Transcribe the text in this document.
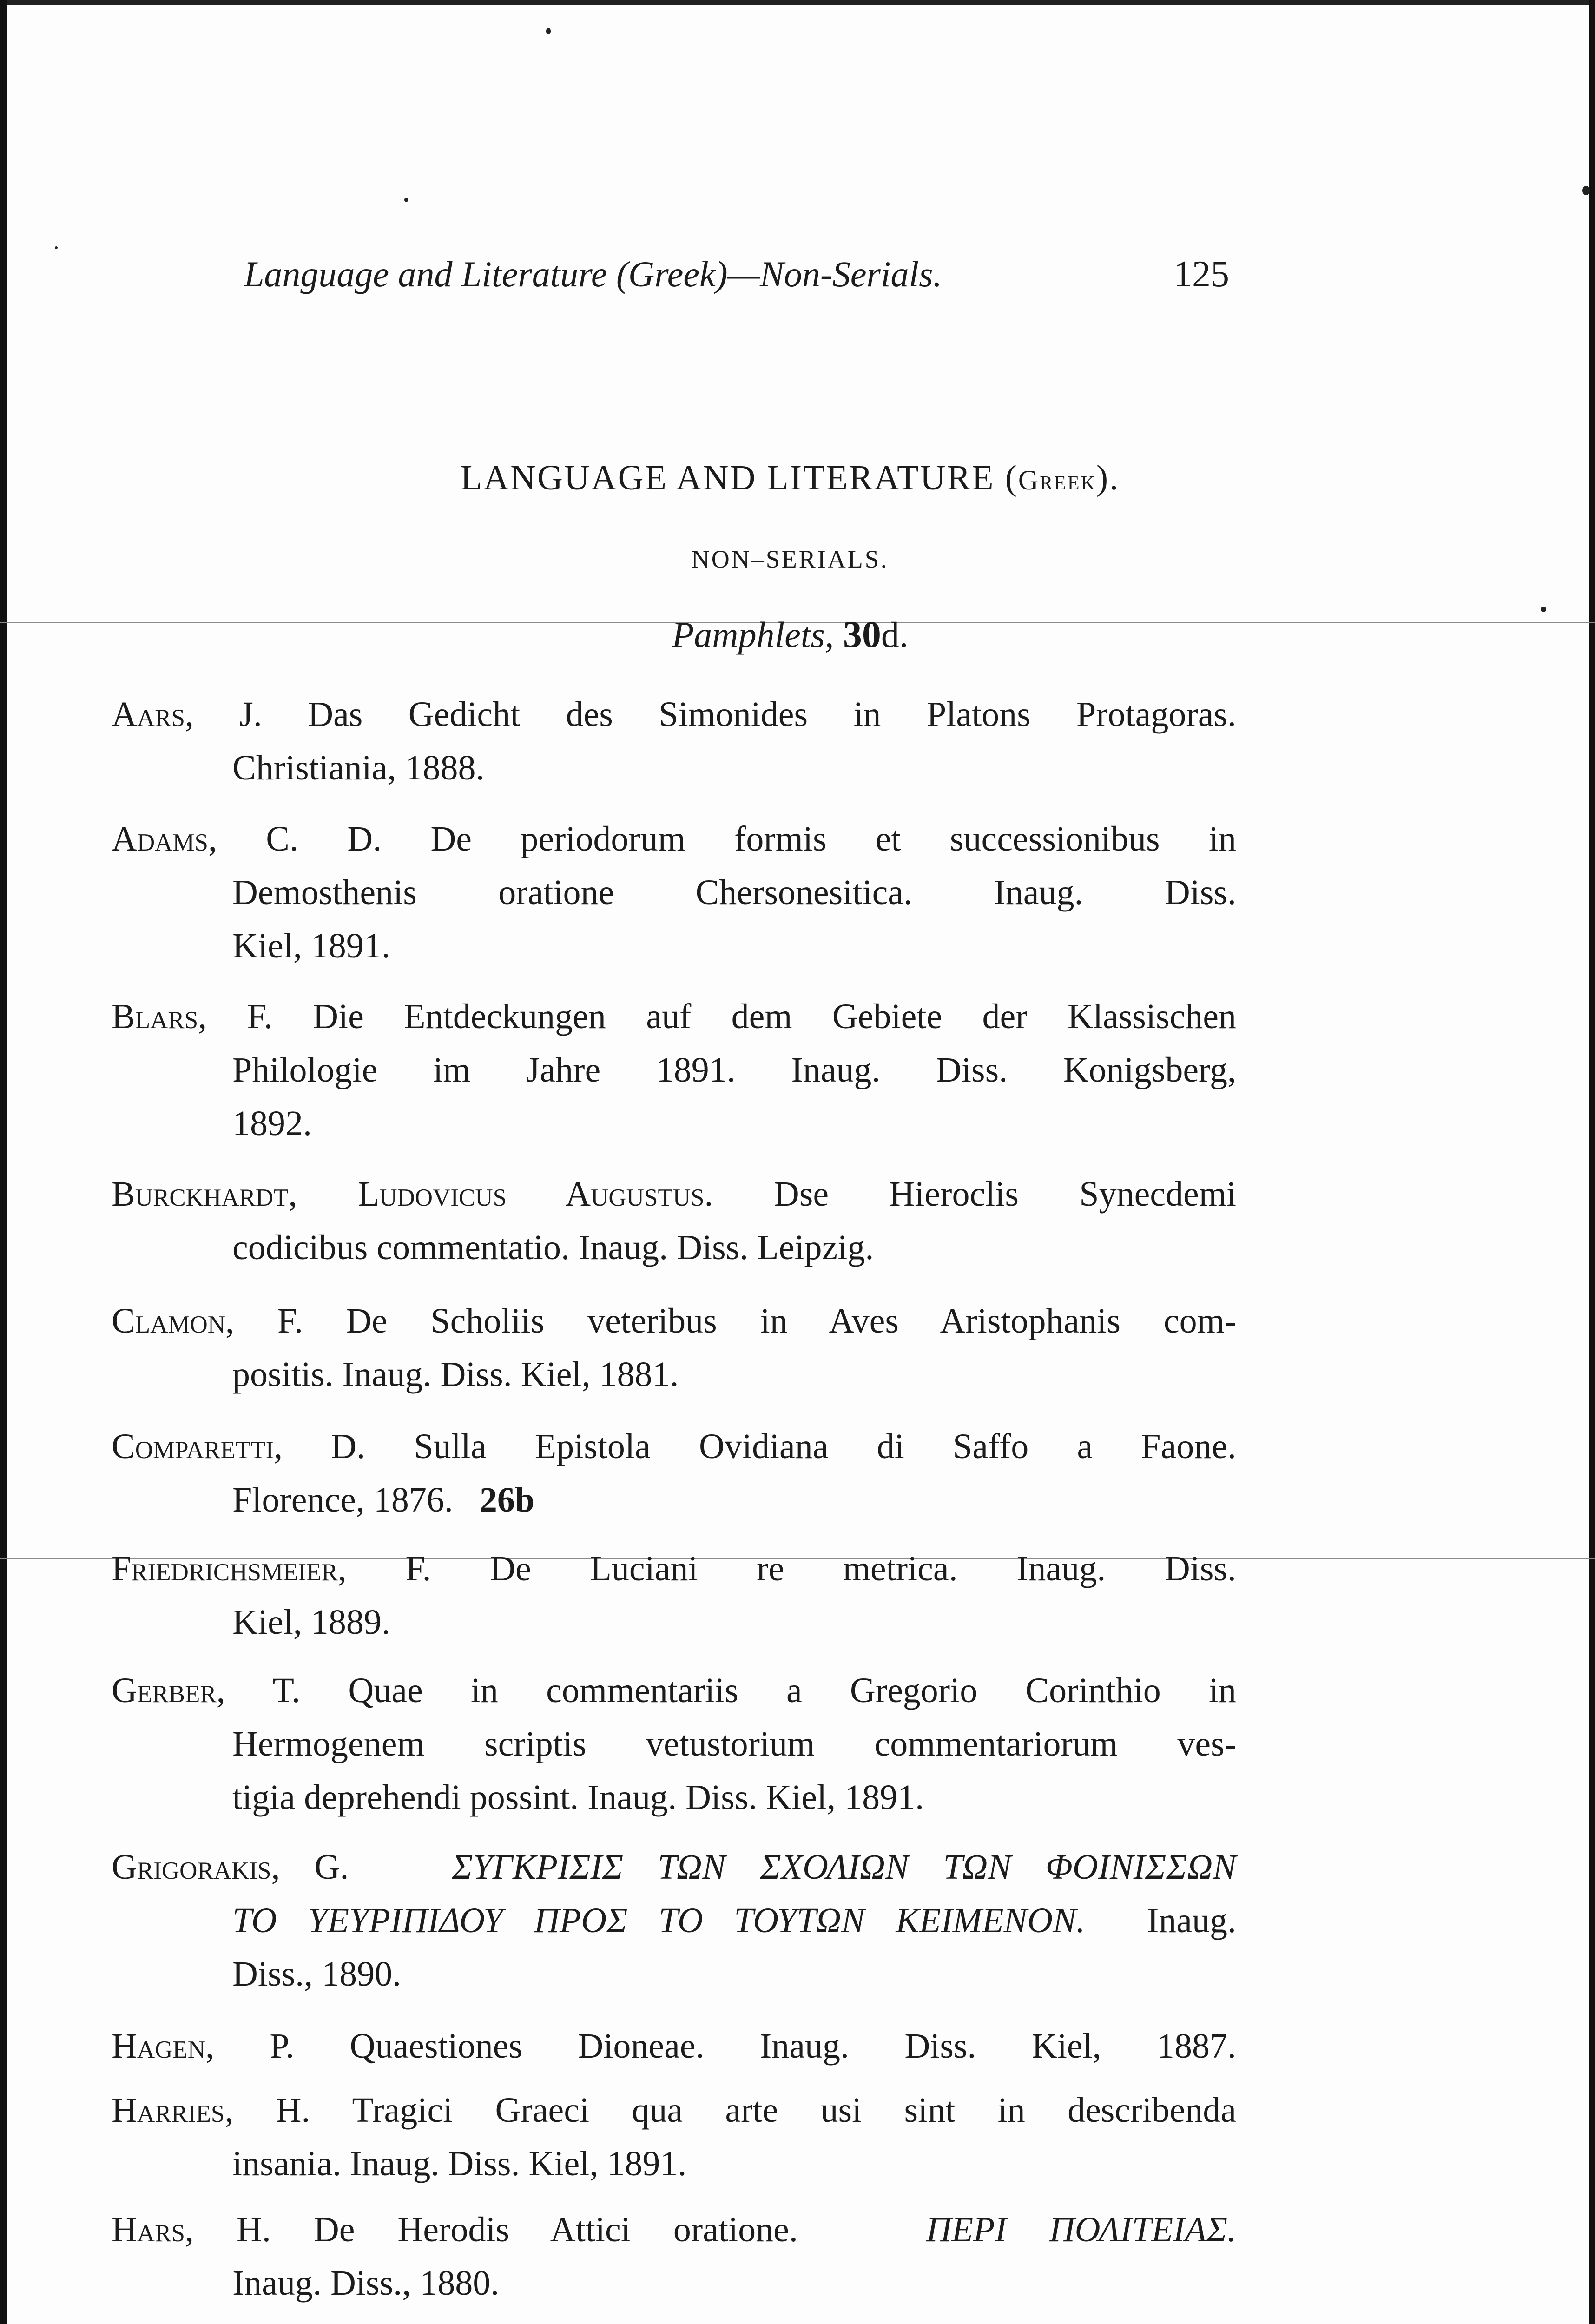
Language and Literature (Greek)—Non-Serials.	125
LANGUAGE AND LITERATURE (Greek).
NON–SERIALS.
Pamphlets, 30d.
Aars, J. Das Gedicht des Simonides in Platons Protagoras.
Christiania, 1888.
Adams, C. D. De periodorum formis et successionibus in
Demosthenis oratione Chersonesitica. Inaug. Diss.
Kiel, 1891.
Blars, F. Die Entdeckungen auf dem Gebiete der Klassischen
Philologie im Jahre 1891. Inaug. Diss. Konigsberg,
1892.
Burckhardt, Ludovicus Augustus. Dse Hieroclis Synecdemi
codicibus commentatio. Inaug. Diss. Leipzig.
Clamon, F. De Scholiis veteribus in Aves Aristophanis com-
positis. Inaug. Diss. Kiel, 1881.
Comparetti, D. Sulla Epistola Ovidiana di Saffo a Faone.
Florence, 1876. 26b
Friedrichsmeier, F. De Luciani re metrica. Inaug. Diss.
Kiel, 1889.
Gerber, T. Quae in commentariis a Gregorio Corinthio in
Hermogenem scriptis vetustorium commentariorum ves-
tigia deprehendi possint. Inaug. Diss. Kiel, 1891.
Grigorakis, G.	ΣΥΓΚΡΙΣΙΣ ΤΩΝ ΣΧΟΛΙΩΝ ΤΩΝ ΦΟΙΝΙΣΣΩΝ
ΤΟ ΥΕΥΡΙΠΙΔΟΥ ΠΡΟΣ ΤΟ ΤΟΥΤΩΝ ΚΕΙΜΕΝΟΝ. Inaug.
Diss., 1890.
Hagen, P. Quaestiones Dioneae. Inaug. Diss. Kiel, 1887.
Harries, H. Tragici Graeci qua arte usi sint in describenda
insania. Inaug. Diss. Kiel, 1891.
Hars, H. De Herodis Attici oratione.	ΠΕΡΙ ΠΟΛΙΤΕΙΑΣ.
Inaug. Diss., 1880.
